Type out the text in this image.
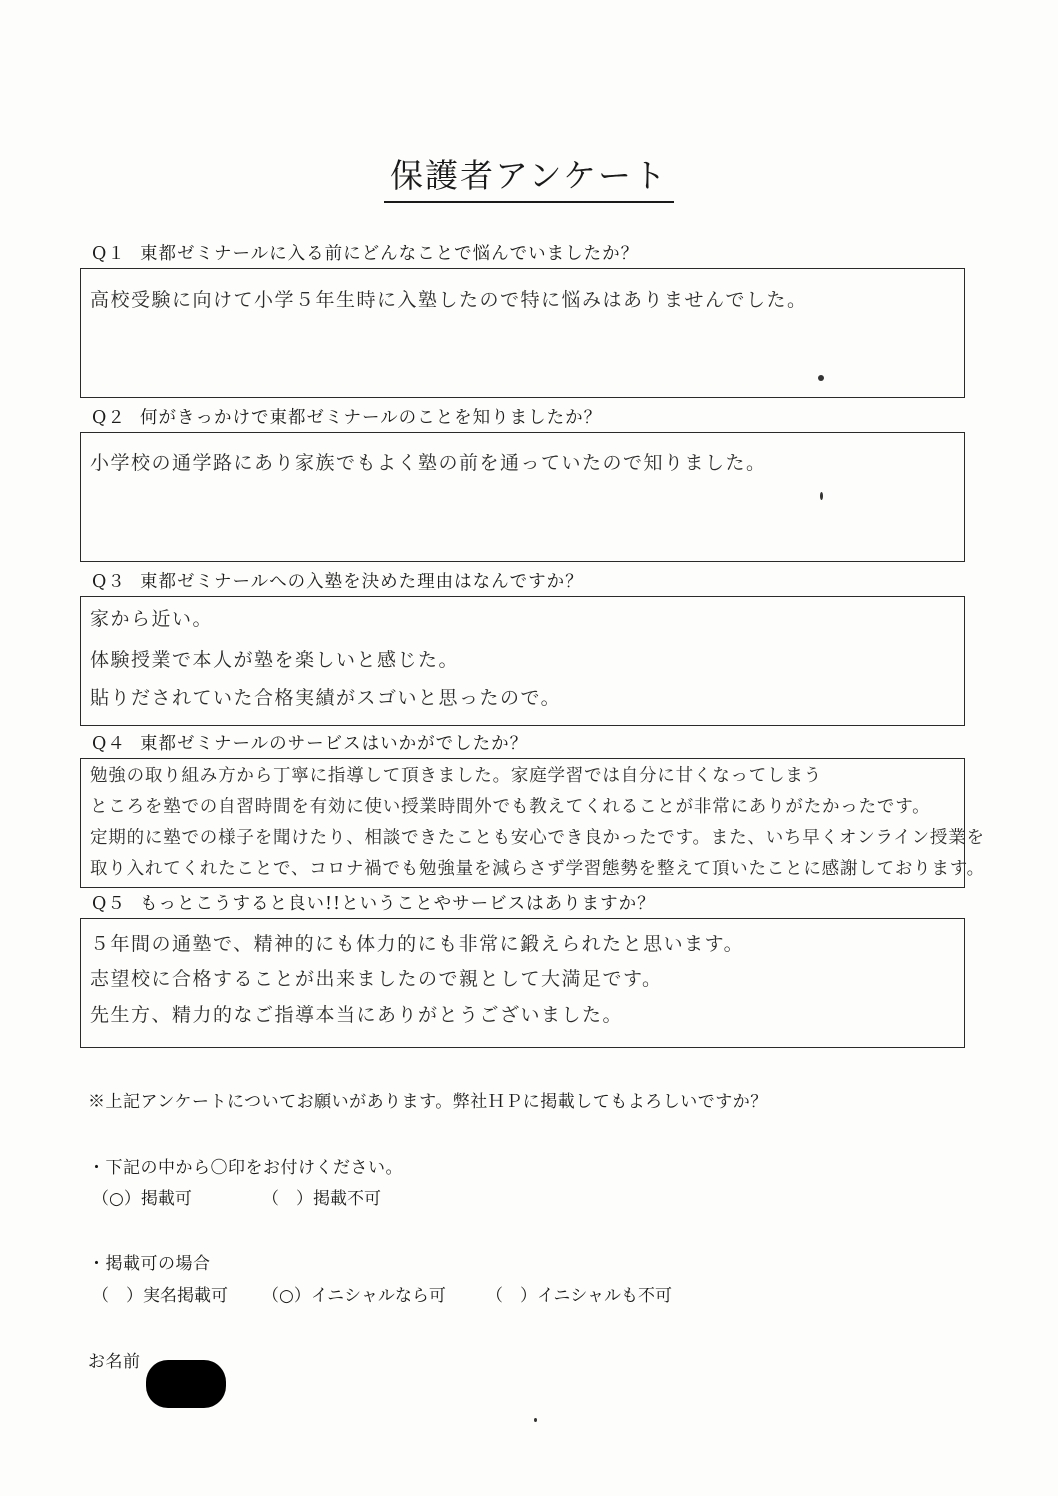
保護者アンケート
Q１ 東都ゼミナールに入る前にどんなことで悩んでいましたか？
高校受験に向けて小学５年生時に入塾したので特に悩みはありませんでした。
Q２ 何がきっかけで東都ゼミナールのことを知りましたか？
小学校の通学路にあり家族でもよく塾の前を通っていたので知りました。
Q３ 東都ゼミナールへの入塾を決めた理由はなんですか？
家から近い。
体験授業で本人が塾を楽しいと感じた。
貼りだされていた合格実績がスゴいと思ったので。
Q４ 東都ゼミナールのサービスはいかがでしたか？
勉強の取り組み方から丁寧に指導して頂きました。家庭学習では自分に甘くなってしまう
ところを塾での自習時間を有効に使い授業時間外でも教えてくれることが非常にありがたかったです。
定期的に塾での様子を聞けたり、相談できたことも安心でき良かったです。また、いち早くオンライン授業を
取り入れてくれたことで、コロナ禍でも勉強量を減らさず学習態勢を整えて頂いたことに感謝しております。
Q５ もっとこうすると良い!!ということやサービスはありますか？
５年間の通塾で、精神的にも体力的にも非常に鍛えられたと思います。
志望校に合格することが出来ましたので親として大満足です。
先生方、精力的なご指導本当にありがとうございました。
※上記アンケートについてお願いがあります。弊社ＨＰに掲載してもよろしいですか？
・下記の中から〇印をお付けください。
（○）掲載可	（　）掲載不可
・掲載可の場合
（　）実名掲載可 （○）イニシャルなら可 （　）イニシャルも不可
お名前
